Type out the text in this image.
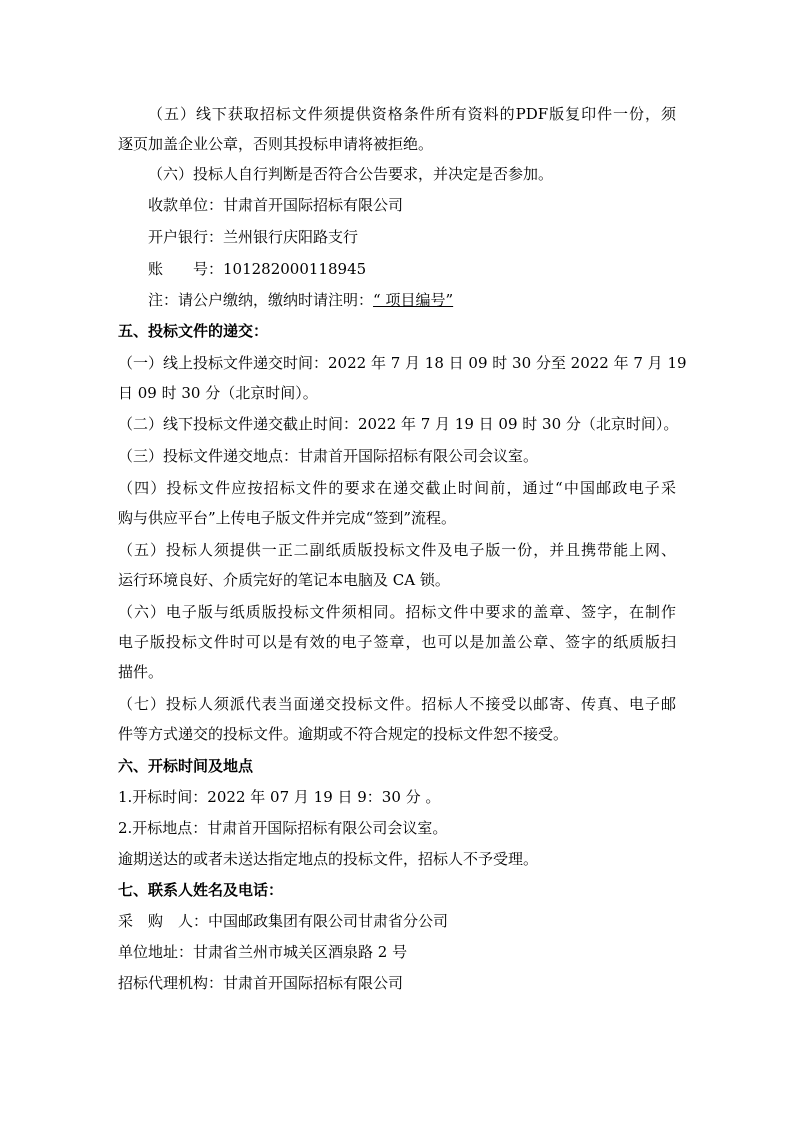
（五）线下获取招标文件须提供资格条件所有资料的PDF版复印件一份，须
逐页加盖企业公章，否则其投标申请将被拒绝。
（六）投标人自行判断是否符合公告要求，并决定是否参加。
收款单位：甘肃首开国际招标有限公司
开户银行：兰州银行庆阳路支行
账　　号：101282000118945
注：请公户缴纳，缴纳时请注明：“ 项目编号”
五、投标文件的递交：
（一）线上投标文件递交时间：2022 年 7 月 18 日 09 时 30 分至 2022 年 7 月 19
日 09 时 30 分（北京时间）。
（二）线下投标文件递交截止时间：2022 年 7 月 19 日 09 时 30 分（北京时间）。
（三）投标文件递交地点：甘肃首开国际招标有限公司会议室。
（四）投标文件应按招标文件的要求在递交截止时间前，通过“中国邮政电子采
购与供应平台”上传电子版文件并完成“签到”流程。
（五）投标人须提供一正二副纸质版投标文件及电子版一份，并且携带能上网、
运行环境良好、介质完好的笔记本电脑及 CA 锁。
（六）电子版与纸质版投标文件须相同。招标文件中要求的盖章、签字，在制作
电子版投标文件时可以是有效的电子签章，也可以是加盖公章、签字的纸质版扫
描件。
（七）投标人须派代表当面递交投标文件。招标人不接受以邮寄、传真、电子邮
件等方式递交的投标文件。逾期或不符合规定的投标文件恕不接受。
六、开标时间及地点
1.开标时间：2022 年 07 月 19 日 9：30 分 。
2.开标地点：甘肃首开国际招标有限公司会议室。
逾期送达的或者未送达指定地点的投标文件，招标人不予受理。
七、联系人姓名及电话：
采　购　人：中国邮政集团有限公司甘肃省分公司
单位地址：甘肃省兰州市城关区酒泉路 2 号
招标代理机构：甘肃首开国际招标有限公司
